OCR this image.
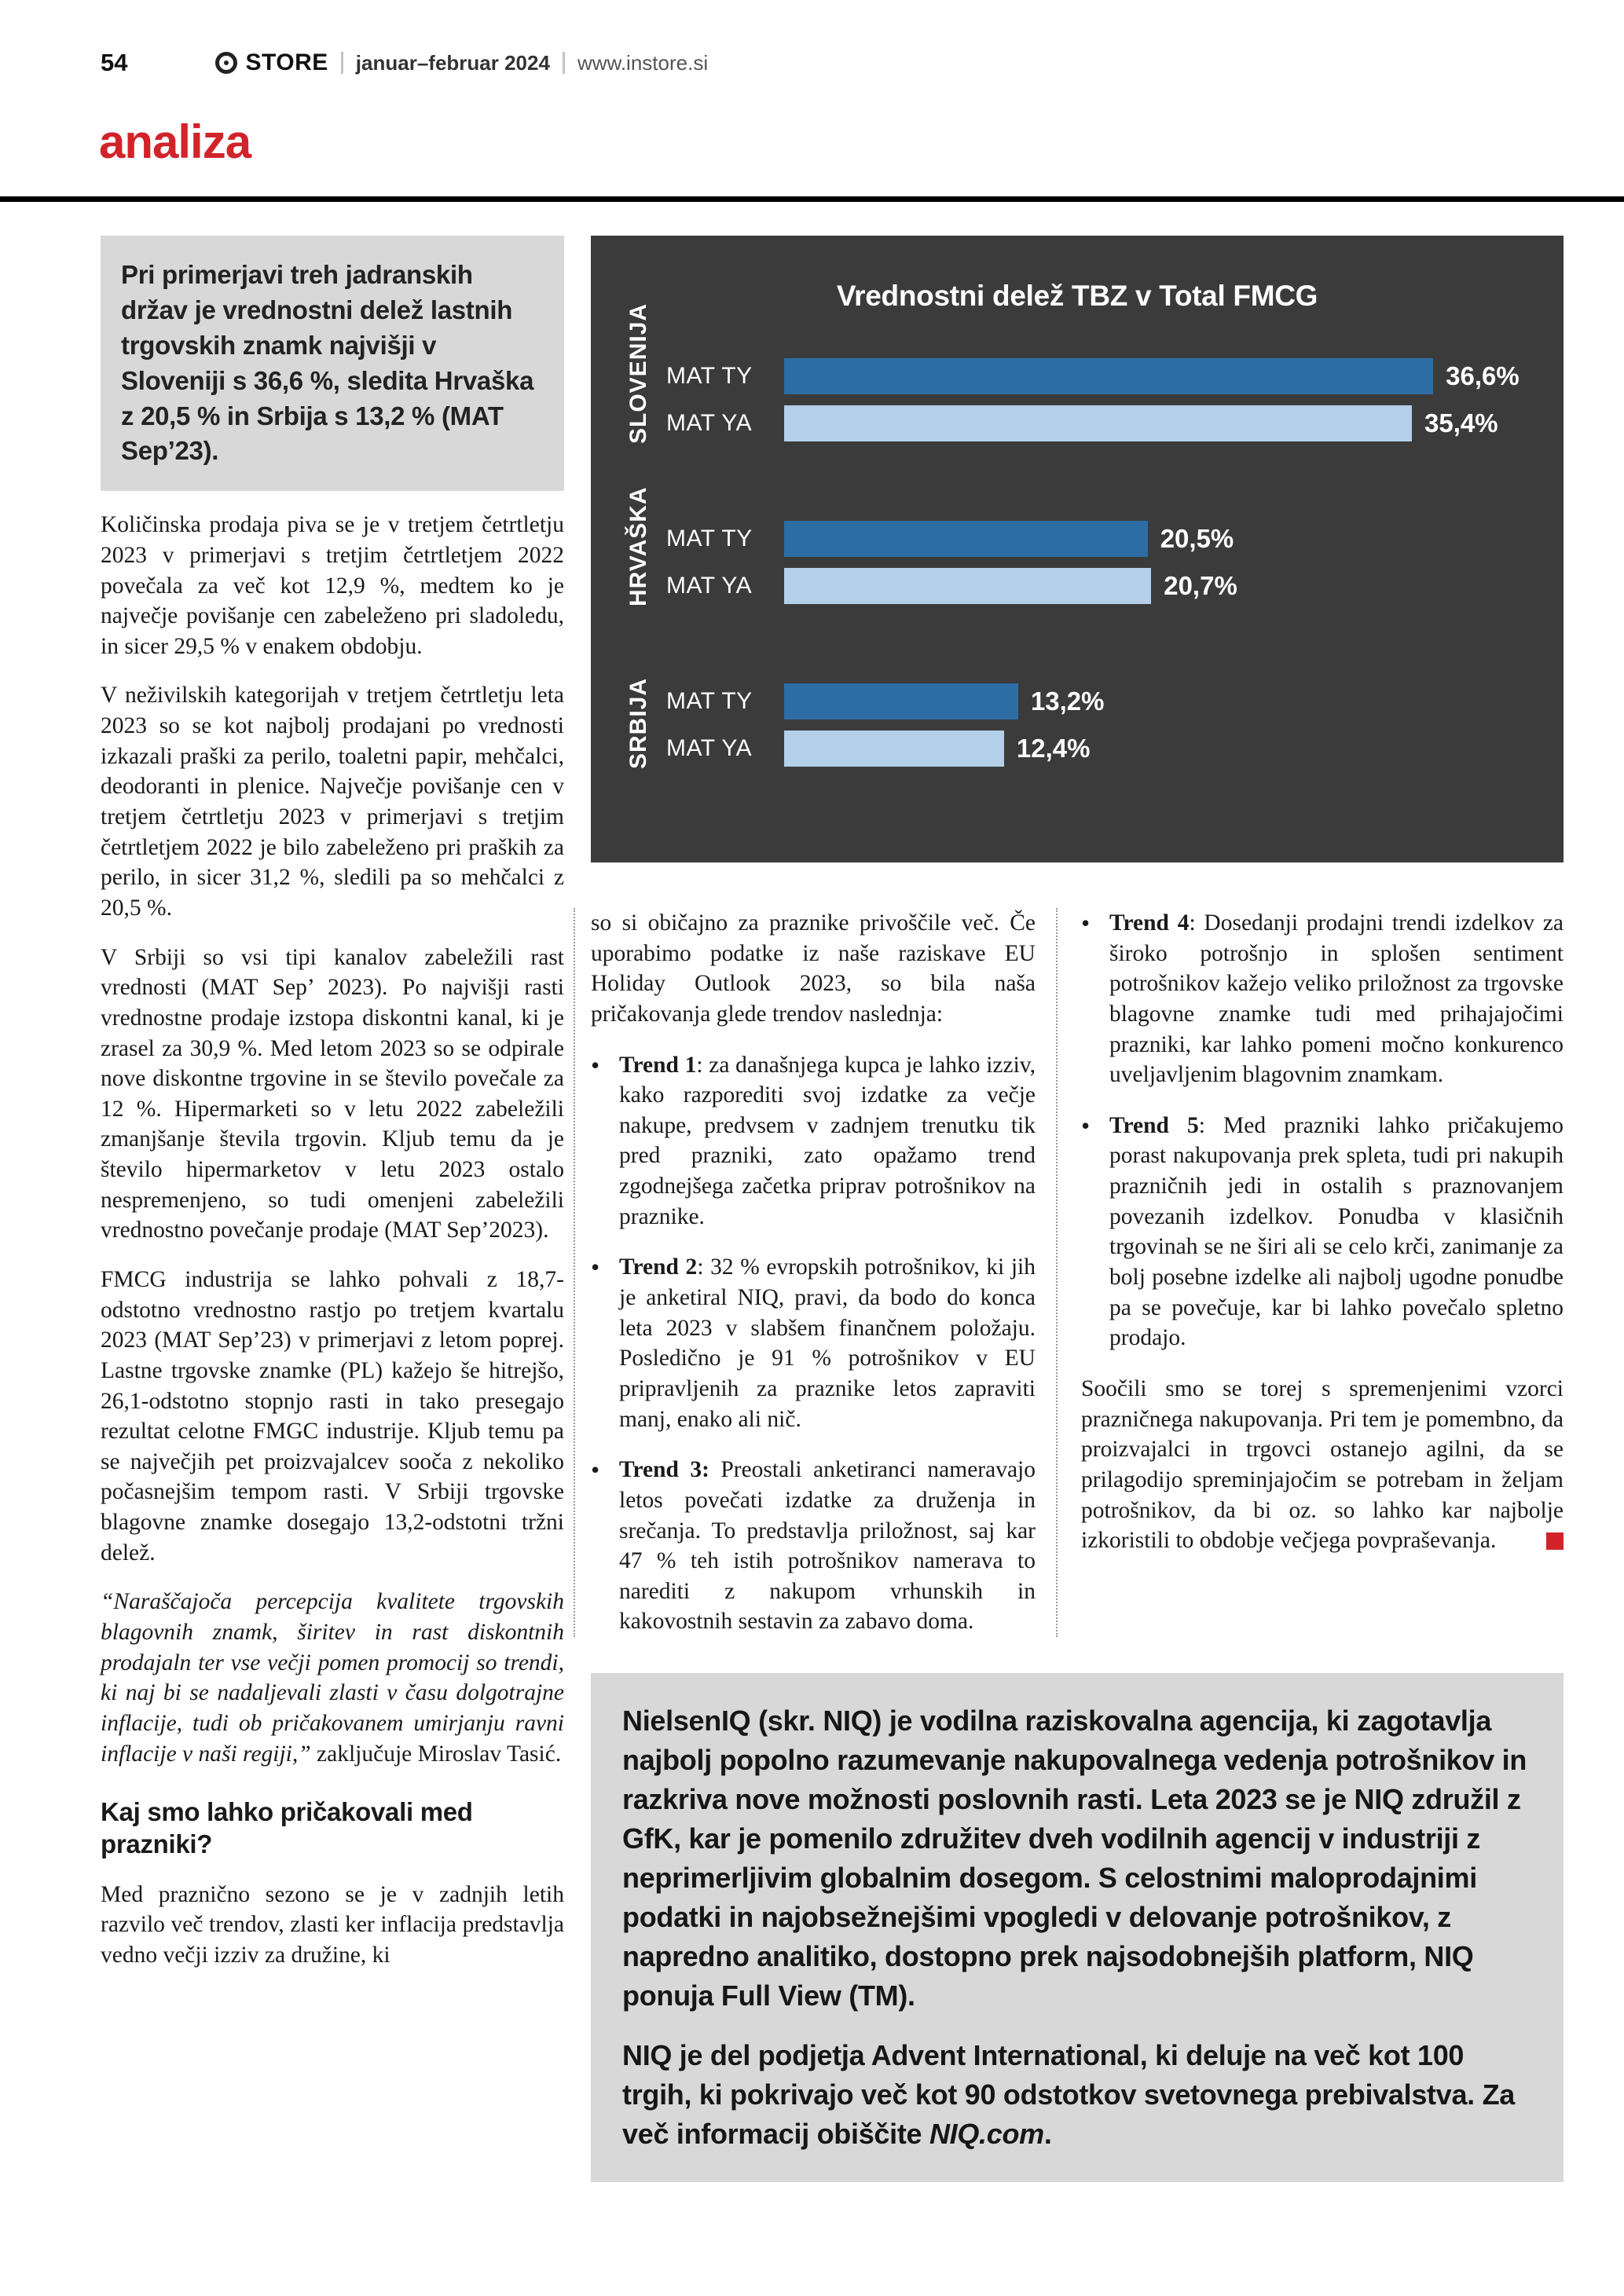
54	STORE januar–februar 2024 www.instore.si
analiza
Pri primerjavi treh jadranskih držav je vrednostni delež lastnih trgovskih znamk najvišji v Sloveniji s 36,6 %, sledita Hrvaška z 20,5 % in Srbija s 13,2 % (MAT Sep’23).

Količinska prodaja piva se je v tretjem četrtletju 2023 v primerjavi s tretjim četrtletjem 2022 povečala za več kot 12,9 %, medtem ko je največje povišanje cen zabeleženo pri sladoledu, in sicer 29,5 % v enakem obdobju.

V neživilskih kategorijah v tretjem četrtletju leta 2023 so se kot najbolj prodajani po vrednosti izkazali praški za perilo, toaletni papir, mehčalci, deodoranti in plenice. Največje povišanje cen v tretjem četrtletju 2023 v primerjavi s tretjim četrtletjem 2022 je bilo zabeleženo pri praških za perilo, in sicer 31,2 %, sledili pa so mehčalci z 20,5 %.

V Srbiji so vsi tipi kanalov zabeležili rast vrednosti (MAT Sep’ 2023). Po najvišji rasti vrednostne prodaje izstopa diskontni kanal, ki je zrasel za 30,9 %. Med letom 2023 so se odpirale nove diskontne trgovine in se število povečale za 12 %. Hipermarketi so v letu 2022 zabeležili zmanjšanje števila trgovin. Kljub temu da je število hipermarketov v letu 2023 ostalo nespremenjeno, so tudi omenjeni zabeležili vrednostno povečanje prodaje (MAT Sep’2023).

FMCG industrija se lahko pohvali z 18,7-odstotno vrednostno rastjo po tretjem kvartalu 2023 (MAT Sep’23) v primerjavi z letom poprej. Lastne trgovske znamke (PL) kažejo še hitrejšo, 26,1-odstotno stopnjo rasti in tako presegajo rezultat celotne FMGC industrije. Kljub temu pa se največjih pet proizvajalcev sooča z nekoliko počasnejšim tempom rasti. V Srbiji trgovske blagovne znamke dosegajo 13,2-odstotni tržni delež.

“Naraščajoča percepcija kvalitete trgovskih blagovnih znamk, širitev in rast diskontnih prodajaln ter vse večji pomen promocij so trendi, ki naj bi se nadaljevali zlasti v času dolgotrajne inflacije, tudi ob pričakovanem umirjanju ravni inflacije v naši regiji,” zaključuje Miroslav Tasić.

Kaj smo lahko pričakovali med prazniki?

Med praznično sezono se je v zadnjih letih razvilo več trendov, zlasti ker inflacija predstavlja vedno večji izziv za družine, ki

Vrednostni delež TBZ v Total FMCG
SLOVENIJA MAT TY	36,6%
MAT YA	35,4%
HRVAŠKA MAT TY	20,5%
MAT YA	20,7%
SRBIJA MAT TY	13,2%
MAT YA	12,4%

so si običajno za praznike privoščile več. Če uporabimo podatke iz naše raziskave EU Holiday Outlook 2023, so bila naša pričakovanja glede trendov naslednja:

• Trend 1: za današnjega kupca je lahko izziv, kako razporediti svoj izdatke za večje nakupe, predvsem v zadnjem trenutku tik pred prazniki, zato opažamo trend zgodnejšega začetka priprav potrošnikov na praznike.
• Trend 2: 32 % evropskih potrošnikov, ki jih je anketiral NIQ, pravi, da bodo do konca leta 2023 v slabšem finančnem položaju. Posledično je 91 % potrošnikov v EU pripravljenih za praznike letos zapraviti manj, enako ali nič.
• Trend 3: Preostali anketiranci nameravajo letos povečati izdatke za druženja in srečanja. To predstavlja priložnost, saj kar 47 % teh istih potrošnikov namerava to narediti z nakupom vrhunskih in kakovostnih sestavin za zabavo doma.
• Trend 4: Dosedanji prodajni trendi izdelkov za široko potrošnjo in splošen sentiment potrošnikov kažejo veliko priložnost za trgovske blagovne znamke tudi med prihajajočimi prazniki, kar lahko pomeni močno konkurenco uveljavljenim blagovnim znamkam.
• Trend 5: Med prazniki lahko pričakujemo porast nakupovanja prek spleta, tudi pri nakupih prazničnih jedi in ostalih s praznovanjem povezanih izdelkov. Ponudba v klasičnih trgovinah se ne širi ali se celo krči, zanimanje za bolj posebne izdelke ali najbolj ugodne ponudbe pa se povečuje, kar bi lahko povečalo spletno prodajo.

Soočili smo se torej s spremenjenimi vzorci prazničnega nakupovanja. Pri tem je pomembno, da proizvajalci in trgovci ostanejo agilni, da se prilagodijo spreminjajočim se potrebam in željam potrošnikov, da bi oz. so lahko kar najbolje izkoristili to obdobje večjega povpraševanja.

NielsenIQ (skr. NIQ) je vodilna raziskovalna agencija, ki zagotavlja najbolj popolno razumevanje nakupovalnega vedenja potrošnikov in razkriva nove možnosti poslovnih rasti. Leta 2023 se je NIQ združil z GfK, kar je pomenilo združitev dveh vodilnih agencij v industriji z neprimerljivim globalnim dosegom. S celostnimi maloprodajnimi podatki in najobsežnejšimi vpogledi v delovanje potrošnikov, z napredno analitiko, dostopno prek najsodobnejših platform, NIQ ponuja Full View (TM).

NIQ je del podjetja Advent International, ki deluje na več kot 100 trgih, ki pokrivajo več kot 90 odstotkov svetovnega prebivalstva. Za več informacij obiščite NIQ.com.
